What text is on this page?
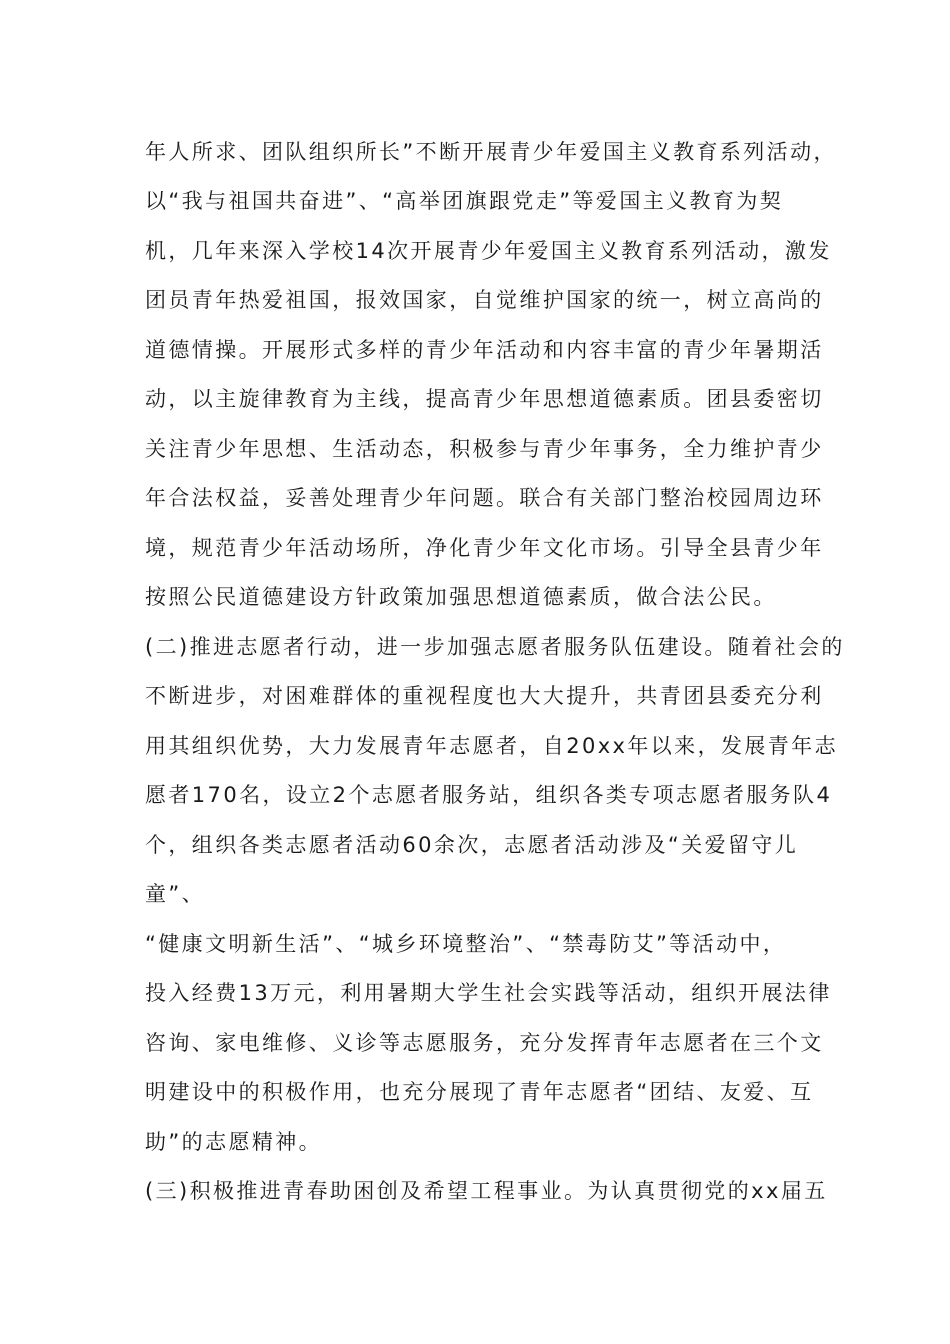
年人所求、团队组织所长”不断开展青少年爱国主义教育系列活动，
以“我与祖国共奋进”、“高举团旗跟党走”等爱国主义教育为契
机，几年来深入学校14次开展青少年爱国主义教育系列活动，激发
团员青年热爱祖国，报效国家，自觉维护国家的统一，树立高尚的
道德情操。开展形式多样的青少年活动和内容丰富的青少年暑期活
动，以主旋律教育为主线，提高青少年思想道德素质。团县委密切
关注青少年思想、生活动态，积极参与青少年事务，全力维护青少
年合法权益，妥善处理青少年问题。联合有关部门整治校园周边环
境，规范青少年活动场所，净化青少年文化市场。引导全县青少年
按照公民道德建设方针政策加强思想道德素质，做合法公民。
(二)推进志愿者行动，进一步加强志愿者服务队伍建设。随着社会的
不断进步，对困难群体的重视程度也大大提升，共青团县委充分利
用其组织优势，大力发展青年志愿者，自20xx年以来，发展青年志
愿者170名，设立2个志愿者服务站，组织各类专项志愿者服务队4
个，组织各类志愿者活动60余次，志愿者活动涉及“关爱留守儿
童”、
“健康文明新生活”、“城乡环境整治”、“禁毒防艾”等活动中，
投入经费13万元，利用暑期大学生社会实践等活动，组织开展法律
咨询、家电维修、义诊等志愿服务，充分发挥青年志愿者在三个文
明建设中的积极作用，也充分展现了青年志愿者“团结、友爱、互
助”的志愿精神。
(三)积极推进青春助困创及希望工程事业。为认真贯彻党的xx届五
